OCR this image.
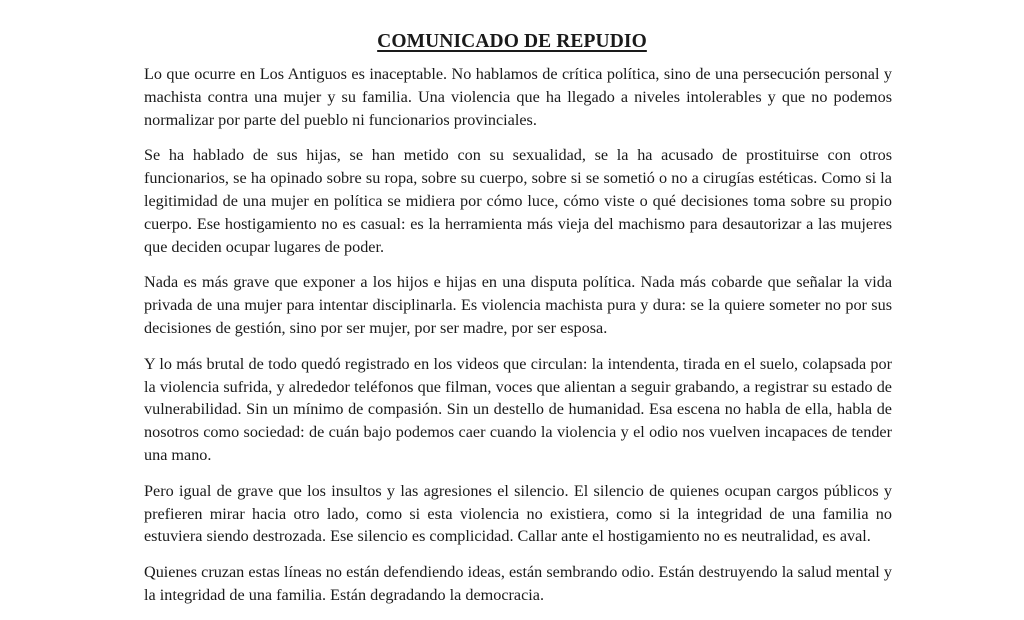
COMUNICADO DE REPUDIO

Lo que ocurre en Los Antiguos es inaceptable. No hablamos de crítica política, sino de una persecución personal y machista contra una mujer y su familia. Una violencia que ha llegado a niveles intolerables y que no podemos normalizar por parte del pueblo ni funcionarios provinciales.

Se ha hablado de sus hijas, se han metido con su sexualidad, se la ha acusado de prostituirse con otros funcionarios, se ha opinado sobre su ropa, sobre su cuerpo, sobre si se sometió o no a cirugías estéticas. Como si la legitimidad de una mujer en política se midiera por cómo luce, cómo viste o qué decisiones toma sobre su propio cuerpo. Ese hostigamiento no es casual: es la herramienta más vieja del machismo para desautorizar a las mujeres que deciden ocupar lugares de poder.

Nada es más grave que exponer a los hijos e hijas en una disputa política. Nada más cobarde que señalar la vida privada de una mujer para intentar disciplinarla. Es violencia machista pura y dura: se la quiere someter no por sus decisiones de gestión, sino por ser mujer, por ser madre, por ser esposa.

Y lo más brutal de todo quedó registrado en los videos que circulan: la intendenta, tirada en el suelo, colapsada por la violencia sufrida, y alrededor teléfonos que filman, voces que alientan a seguir grabando, a registrar su estado de vulnerabilidad. Sin un mínimo de compasión. Sin un destello de humanidad. Esa escena no habla de ella, habla de nosotros como sociedad: de cuán bajo podemos caer cuando la violencia y el odio nos vuelven incapaces de tender una mano.

Pero igual de grave que los insultos y las agresiones el silencio. El silencio de quienes ocupan cargos públicos y prefieren mirar hacia otro lado, como si esta violencia no existiera, como si la integridad de una familia no estuviera siendo destrozada. Ese silencio es complicidad. Callar ante el hostigamiento no es neutralidad, es aval.

Quienes cruzan estas líneas no están defendiendo ideas, están sembrando odio. Están destruyendo la salud mental y la integridad de una familia. Están degradando la democracia.
